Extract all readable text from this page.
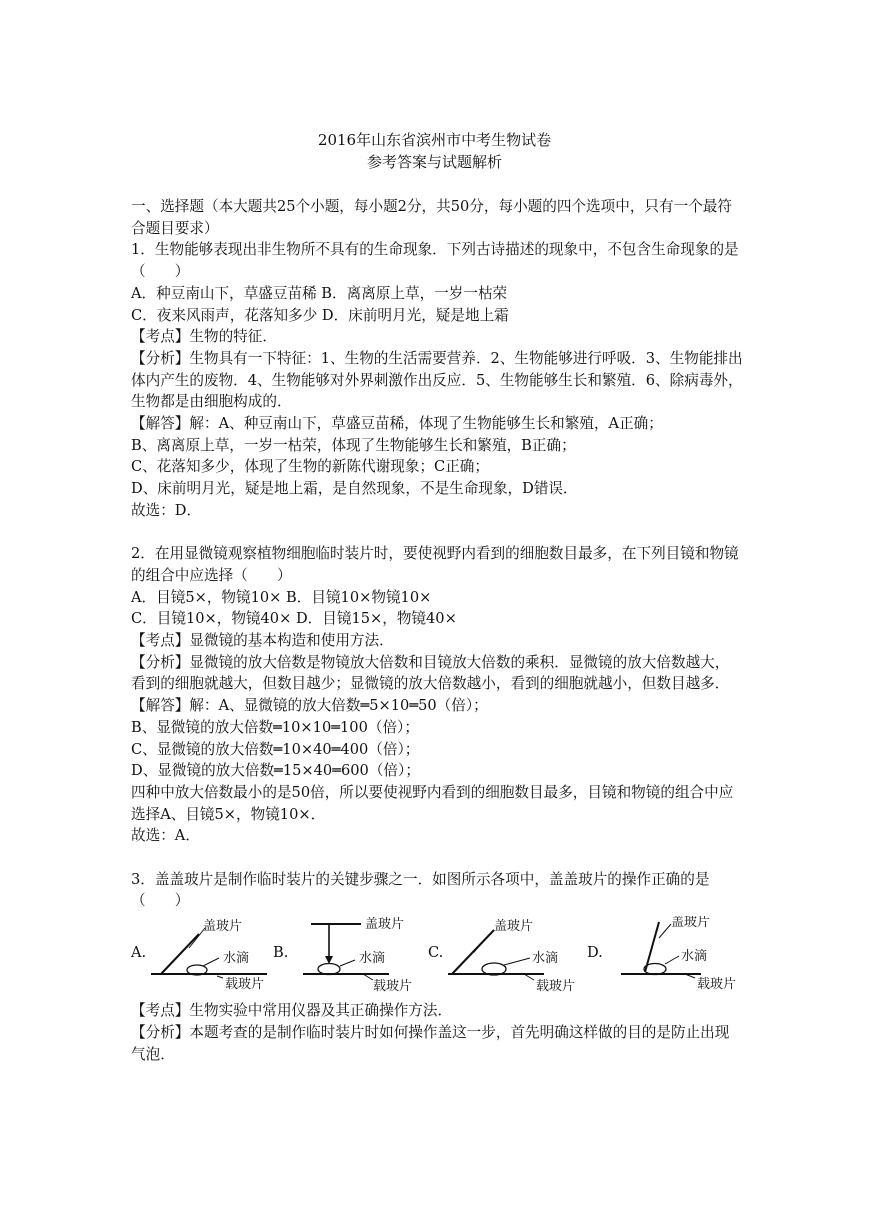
2016年山东省滨州市中考生物试卷
参考答案与试题解析

一、选择题（本大题共25个小题，每小题2分，共50分，每小题的四个选项中，只有一个最符合题目要求）

1．生物能够表现出非生物所不具有的生命现象．下列古诗描述的现象中，不包含生命现象的是（　　）

A．种豆南山下，草盛豆苗稀 B．离离原上草，一岁一枯荣

C．夜来风雨声，花落知多少 D．床前明月光，疑是地上霜

【考点】生物的特征．

【分析】生物具有一下特征：1、生物的生活需要营养．2、生物能够进行呼吸．3、生物能排出体内产生的废物．4、生物能够对外界刺激作出反应．5、生物能够生长和繁殖．6、除病毒外，生物都是由细胞构成的．

【解答】解：A、种豆南山下，草盛豆苗稀，体现了生物能够生长和繁殖，A正确；

B、离离原上草，一岁一枯荣，体现了生物能够生长和繁殖，B正确；

C、花落知多少，体现了生物的新陈代谢现象；C正确；

D、床前明月光，疑是地上霜，是自然现象，不是生命现象，D错误．

故选：D．

2．在用显微镜观察植物细胞临时装片时，要使视野内看到的细胞数目最多，在下列目镜和物镜的组合中应选择（　　）

A．目镜5×，物镜10× B．目镜10×物镜10×

C．目镜10×，物镜40× D．目镜15×，物镜40×

【考点】显微镜的基本构造和使用方法．

【分析】显微镜的放大倍数是物镜放大倍数和目镜放大倍数的乘积．显微镜的放大倍数越大，看到的细胞就越大，但数目越少；显微镜的放大倍数越小，看到的细胞就越小，但数目越多．

【解答】解：A、显微镜的放大倍数═5×10═50（倍）；

B、显微镜的放大倍数═10×10═100（倍）；

C、显微镜的放大倍数═10×40═400（倍）；

D、显微镜的放大倍数═15×40═600（倍）；

四种中放大倍数最小的是50倍，所以要使视野内看到的细胞数目最多，目镜和物镜的组合中应选择A、目镜5×，物镜10×．

故选：A．

3．盖盖玻片是制作临时装片的关键步骤之一．如图所示各项中，盖盖玻片的操作正确的是（　　）

A.
盖玻片
水滴
载玻片
B.
盖玻片
水滴
载玻片
C.
盖玻片
水滴
载玻片
D.
盖玻片
水滴
载玻片

【考点】生物实验中常用仪器及其正确操作方法．

【分析】本题考查的是制作临时装片时如何操作盖这一步，首先明确这样做的目的是防止出现气泡．
